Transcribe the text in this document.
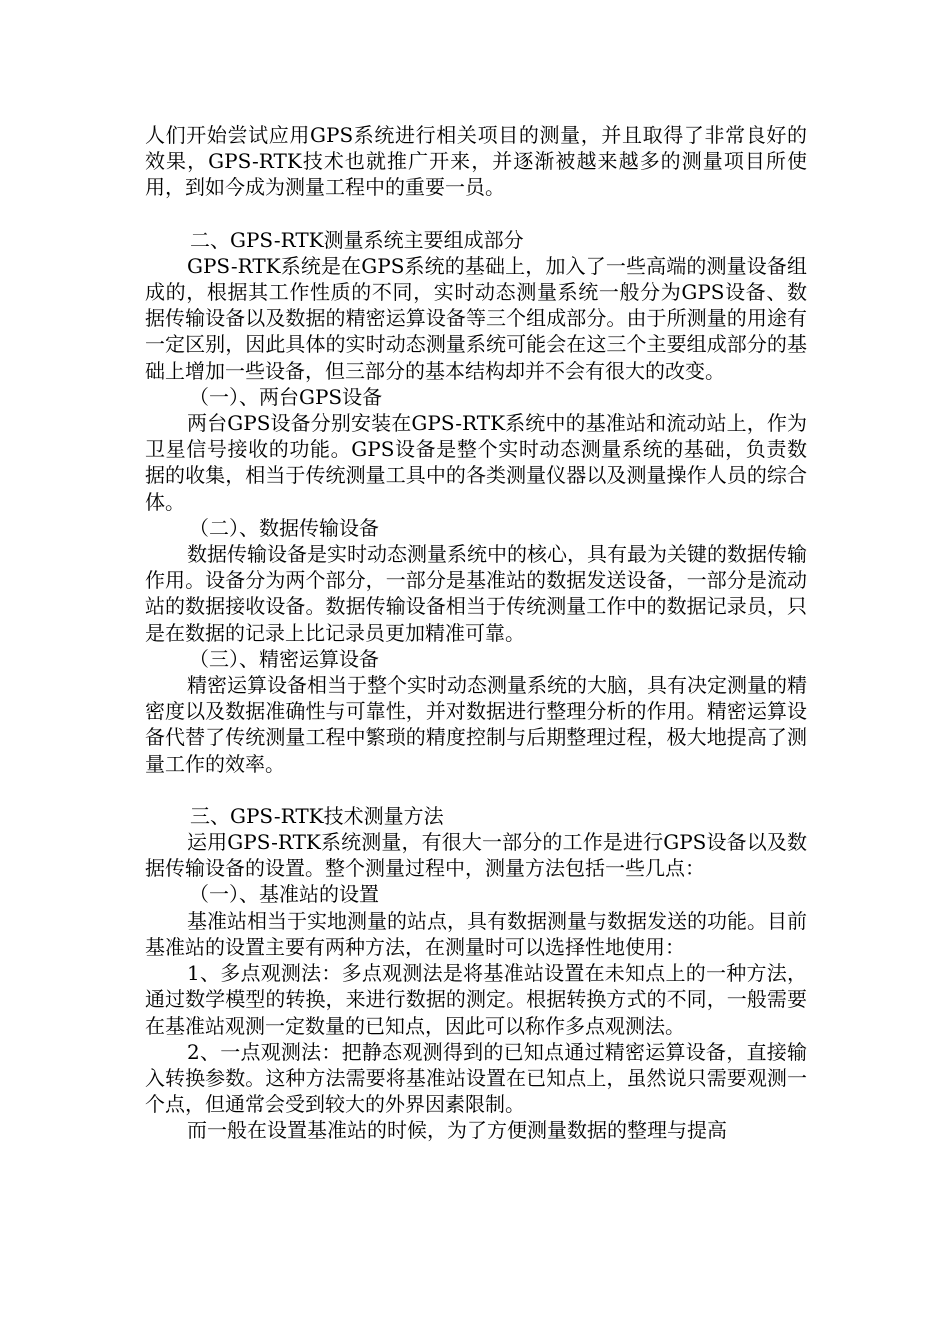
人们开始尝试应用GPS系统进行相关项目的测量，并且取得了非常良好的效果，GPS-RTK技术也就推广开来，并逐渐被越来越多的测量项目所使用，到如今成为测量工程中的重要一员。

二、GPS-RTK测量系统主要组成部分

GPS-RTK系统是在GPS系统的基础上，加入了一些高端的测量设备组成的，根据其工作性质的不同，实时动态测量系统一般分为GPS设备、数据传输设备以及数据的精密运算设备等三个组成部分。由于所测量的用途有一定区别，因此具体的实时动态测量系统可能会在这三个主要组成部分的基础上增加一些设备，但三部分的基本结构却并不会有很大的改变。

（一）、两台GPS设备

两台GPS设备分别安装在GPS-RTK系统中的基准站和流动站上，作为卫星信号接收的功能。GPS设备是整个实时动态测量系统的基础，负责数据的收集，相当于传统测量工具中的各类测量仪器以及测量操作人员的综合体。

（二）、数据传输设备

数据传输设备是实时动态测量系统中的核心，具有最为关键的数据传输作用。设备分为两个部分，一部分是基准站的数据发送设备，一部分是流动站的数据接收设备。数据传输设备相当于传统测量工作中的数据记录员，只是在数据的记录上比记录员更加精准可靠。

（三）、精密运算设备

精密运算设备相当于整个实时动态测量系统的大脑，具有决定测量的精密度以及数据准确性与可靠性，并对数据进行整理分析的作用。精密运算设备代替了传统测量工程中繁琐的精度控制与后期整理过程，极大地提高了测量工作的效率。

三、GPS-RTK技术测量方法

运用GPS-RTK系统测量，有很大一部分的工作是进行GPS设备以及数据传输设备的设置。整个测量过程中，测量方法包括一些几点：

（一）、基准站的设置

基准站相当于实地测量的站点，具有数据测量与数据发送的功能。目前基准站的设置主要有两种方法，在测量时可以选择性地使用：

1、多点观测法：多点观测法是将基准站设置在未知点上的一种方法，通过数学模型的转换，来进行数据的测定。根据转换方式的不同，一般需要在基准站观测一定数量的已知点，因此可以称作多点观测法。

2、一点观测法：把静态观测得到的已知点通过精密运算设备，直接输入转换参数。这种方法需要将基准站设置在已知点上，虽然说只需要观测一个点，但通常会受到较大的外界因素限制。

而一般在设置基准站的时候，为了方便测量数据的整理与提高
